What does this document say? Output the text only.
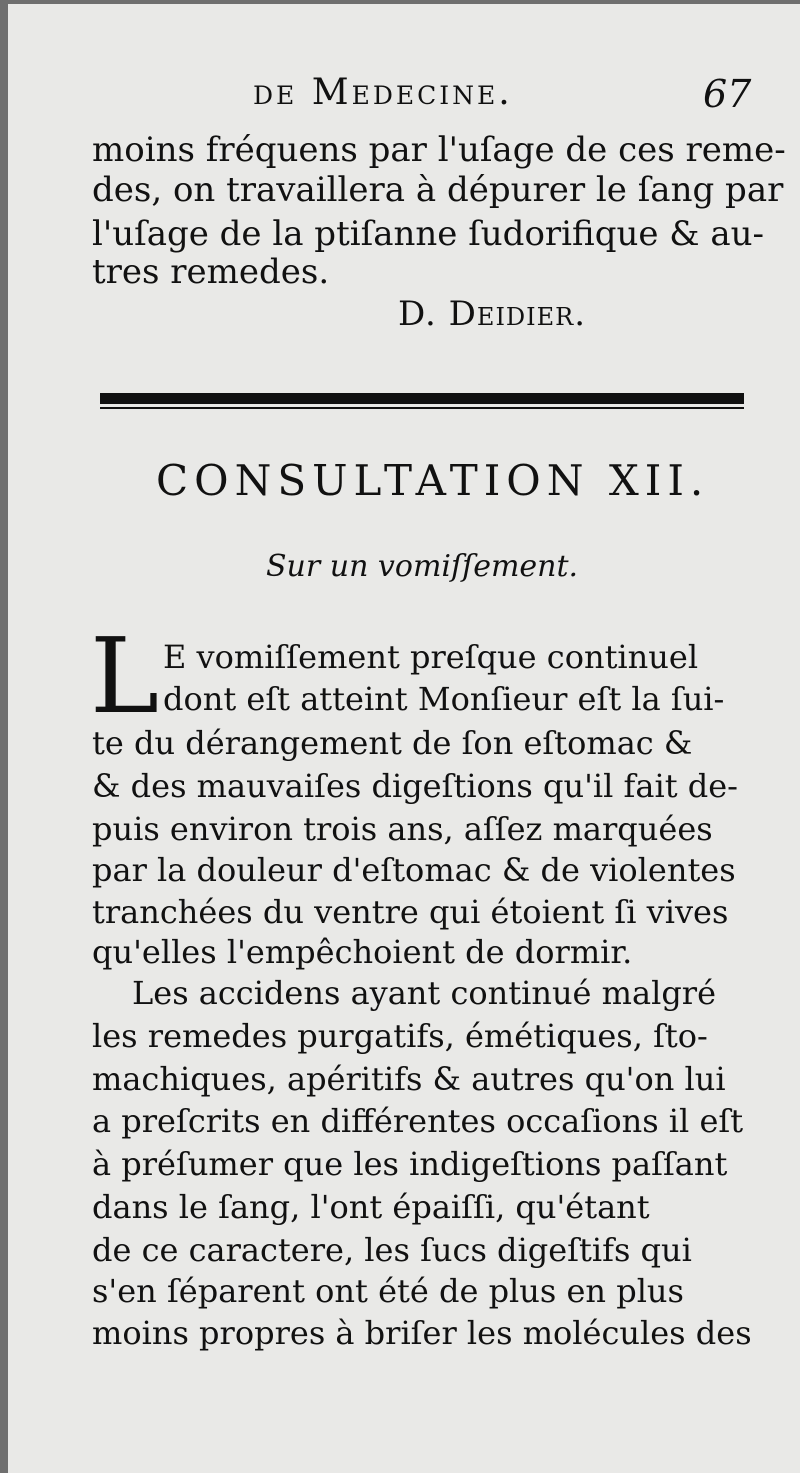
de Medecine.	67
moins fréquens par l'uſage de ces reme-
des, on travaillera à dépurer le ſang par
l'uſage de la ptiſanne ſudorifique & au-
tres remedes.
D. Deidier.
CONSULTATION XII.
Sur un vomiſſement.
L E vomiſſement preſque continuel
dont eſt atteint Monſieur eſt la ſui-
te du dérangement de ſon eſtomac &
& des mauvaiſes digeſtions qu'il fait de-
puis environ trois ans, aſſez marquées
par la douleur d'eſtomac & de violentes
tranchées du ventre qui étoient ſi vives
qu'elles l'empêchoient de dormir.
Les accidens ayant continué malgré
les remedes purgatifs, émétiques, ſto-
machiques, apéritifs & autres qu'on lui
a preſcrits en différentes occaſions il eſt
à préſumer que les indigeſtions paſſant
dans le ſang, l'ont épaiſſi, qu'étant
de ce caractere, les ſucs digeſtifs qui
s'en ſéparent ont été de plus en plus
moins propres à briſer les molécules des
